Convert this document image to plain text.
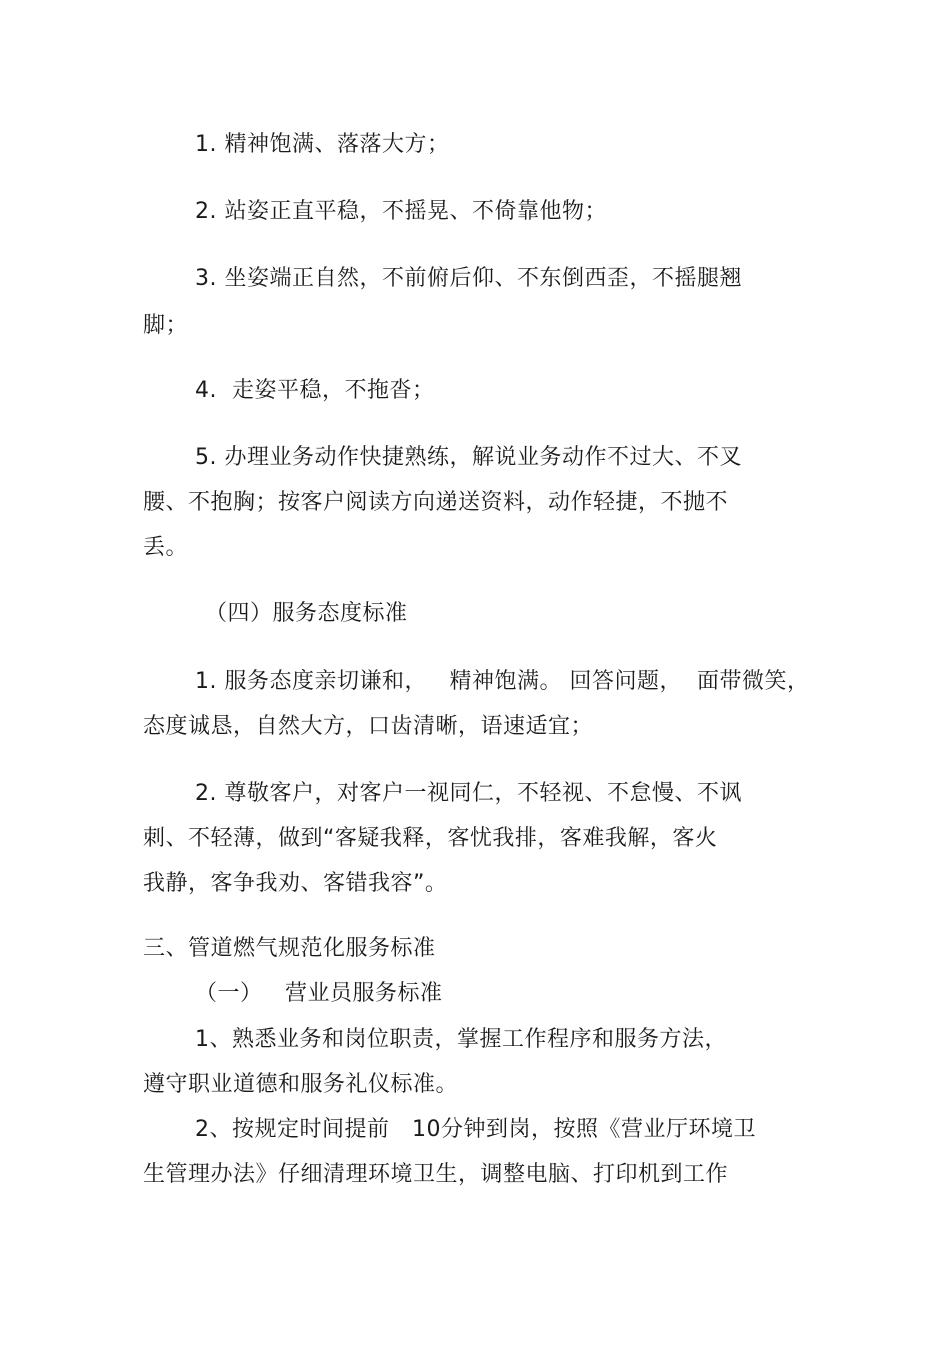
1. 精神饱满、落落大方；
2. 站姿正直平稳，不摇晃、不倚靠他物；
3. 坐姿端正自然，不前俯后仰、不东倒西歪，不摇腿翘
脚；
4.  走姿平稳，不拖沓；
5. 办理业务动作快捷熟练，解说业务动作不过大、不叉
腰、不抱胸；按客户阅读方向递送资料，动作轻捷，不抛不
丢。
（四）服务态度标准
1. 服务态度亲切谦和，   精神饱满。 回答问题，  面带微笑，
态度诚恳，自然大方，口齿清晰，语速适宜；
2. 尊敬客户，对客户一视同仁，不轻视、不怠慢、不讽
刺、不轻薄，做到“客疑我释，客忧我排，客难我解，客火
我静，客争我劝、客错我容”。
三、管道燃气规范化服务标准
（一）   营业员服务标准
1、熟悉业务和岗位职责，掌握工作程序和服务方法，
遵守职业道德和服务礼仪标准。
2、按规定时间提前   10分钟到岗，按照《营业厅环境卫
生管理办法》仔细清理环境卫生，调整电脑、打印机到工作
